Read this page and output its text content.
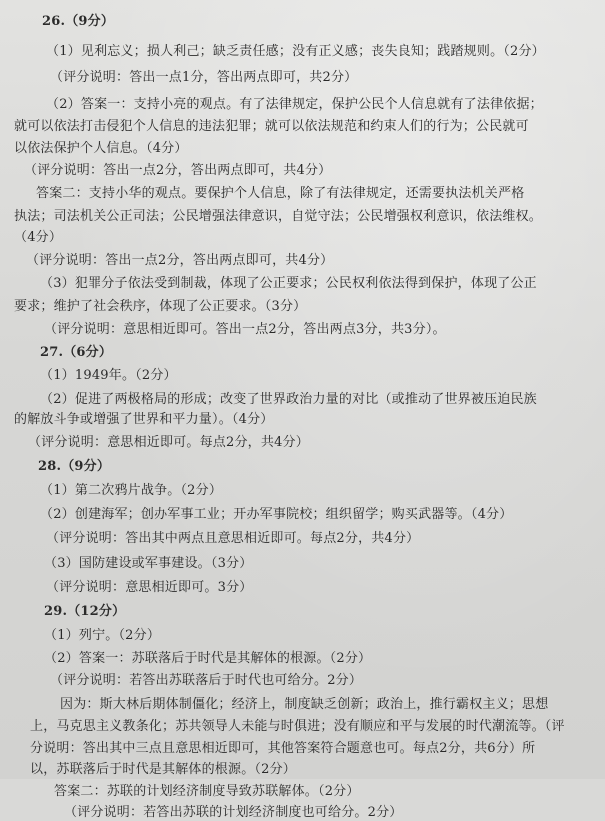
26.（9分）
（1）见利忘义；损人利己；缺乏责任感；没有正义感；丧失良知；践踏规则。（2分）
（评分说明：答出一点1分，答出两点即可，共2分）
（2）答案一：支持小亮的观点。有了法律规定，保护公民个人信息就有了法律依据；
就可以依法打击侵犯个人信息的违法犯罪；就可以依法规范和约束人们的行为；公民就可
以依法保护个人信息。（4分）
（评分说明：答出一点2分，答出两点即可，共4分）
答案二：支持小华的观点。要保护个人信息，除了有法律规定，还需要执法机关严格
执法；司法机关公正司法；公民增强法律意识，自觉守法；公民增强权利意识，依法维权。
（4分）
（评分说明：答出一点2分，答出两点即可，共4分）
（3）犯罪分子依法受到制裁，体现了公正要求；公民权利依法得到保护，体现了公正
要求；维护了社会秩序，体现了公正要求。（3分）
（评分说明：意思相近即可。答出一点2分，答出两点3分，共3分）。
27.（6分）
（1）1949年。（2分）
（2）促进了两极格局的形成；改变了世界政治力量的对比（或推动了世界被压迫民族
的解放斗争或增强了世界和平力量）。（4分）
（评分说明：意思相近即可。每点2分，共4分）
28.（9分）
（1）第二次鸦片战争。（2分）
（2）创建海军；创办军事工业；开办军事院校；组织留学；购买武器等。（4分）
（评分说明：答出其中两点且意思相近即可。每点2分，共4分）
（3）国防建设或军事建设。（3分）
（评分说明：意思相近即可。3分）
29.（12分）
（1）列宁。（2分）
（2）答案一：苏联落后于时代是其解体的根源。（2分）
（评分说明：若答出苏联落后于时代也可给分。2分）
因为：斯大林后期体制僵化；经济上，制度缺乏创新；政治上，推行霸权主义；思想
上，马克思主义教条化；苏共领导人未能与时俱进；没有顺应和平与发展的时代潮流等。（评
分说明：答出其中三点且意思相近即可，其他答案符合题意也可。每点2分，共6分）所
以，苏联落后于时代是其解体的根源。（2分）
答案二：苏联的计划经济制度导致苏联解体。（2分）
（评分说明：若答出苏联的计划经济制度也可给分。2分）
